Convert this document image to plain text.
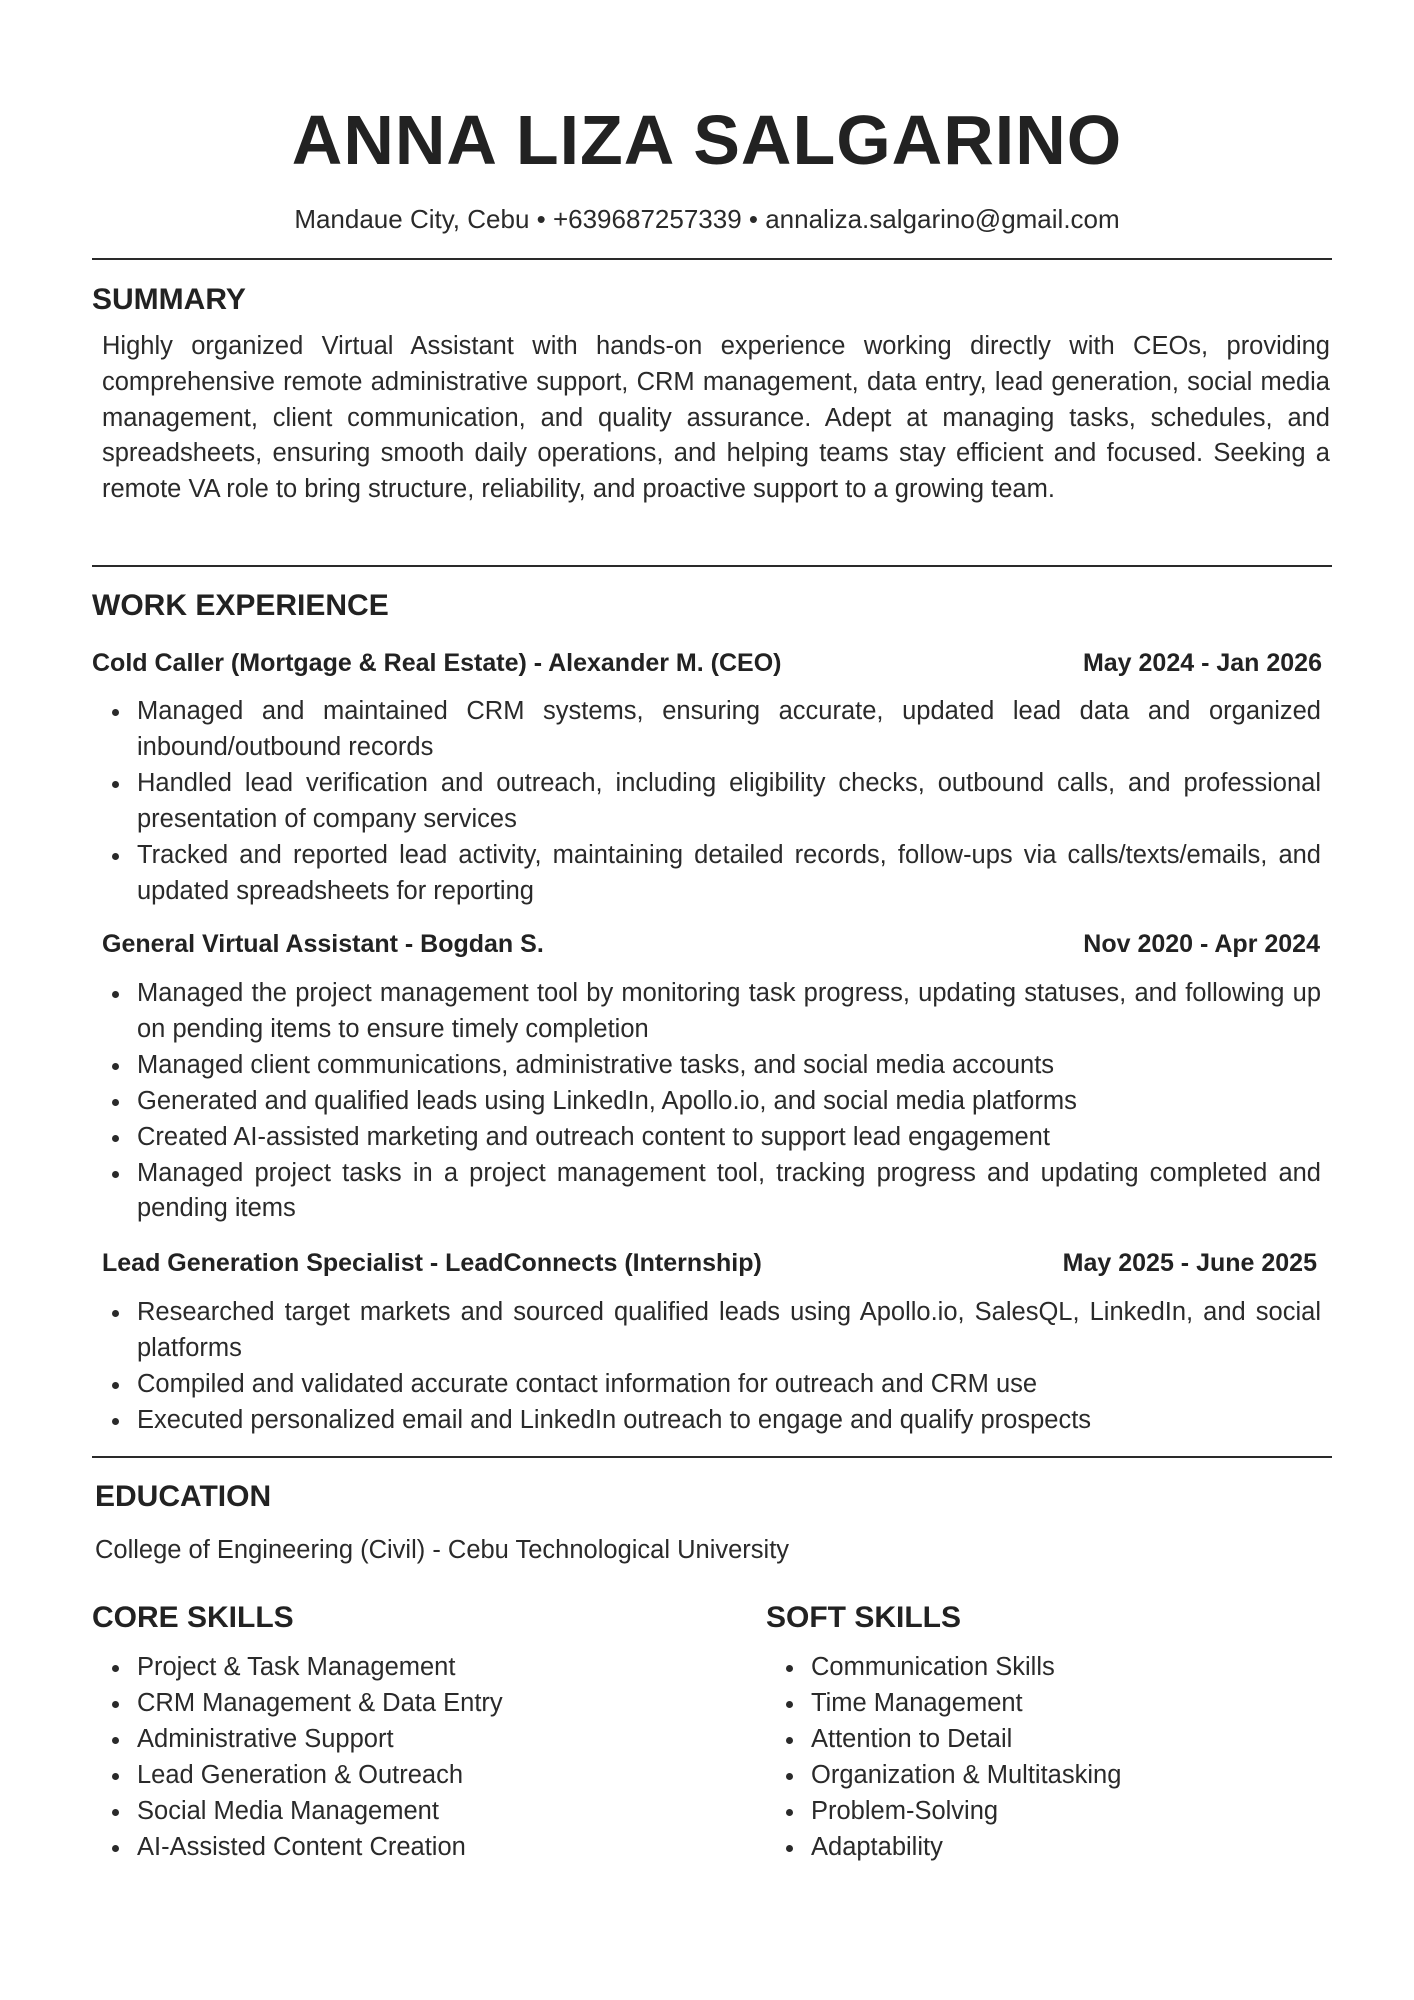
ANNA LIZA SALGARINO
Mandaue City, Cebu • +639687257339 • annaliza.salgarino@gmail.com
SUMMARY
Highly organized Virtual Assistant with hands-on experience working directly with CEOs, providing comprehensive remote administrative support, CRM management, data entry, lead generation, social media management, client communication, and quality assurance. Adept at managing tasks, schedules, and spreadsheets, ensuring smooth daily operations, and helping teams stay efficient and focused. Seeking a remote VA role to bring structure, reliability, and proactive support to a growing team.
WORK EXPERIENCE
Cold Caller (Mortgage & Real Estate) - Alexander M. (CEO)	May 2024 - Jan 2026
Managed and maintained CRM systems, ensuring accurate, updated lead data and organized inbound/outbound records
Handled lead verification and outreach, including eligibility checks, outbound calls, and professional presentation of company services
Tracked and reported lead activity, maintaining detailed records, follow-ups via calls/texts/emails, and updated spreadsheets for reporting
General Virtual Assistant - Bogdan S.	Nov 2020 - Apr 2024
Managed the project management tool by monitoring task progress, updating statuses, and following up on pending items to ensure timely completion
Managed client communications, administrative tasks, and social media accounts
Generated and qualified leads using LinkedIn, Apollo.io, and social media platforms
Created AI-assisted marketing and outreach content to support lead engagement
Managed project tasks in a project management tool, tracking progress and updating completed and pending items
Lead Generation Specialist - LeadConnects (Internship)	May 2025 - June 2025
Researched target markets and sourced qualified leads using Apollo.io, SalesQL, LinkedIn, and social platforms
Compiled and validated accurate contact information for outreach and CRM use
Executed personalized email and LinkedIn outreach to engage and qualify prospects
EDUCATION
College of Engineering (Civil) - Cebu Technological University
CORE SKILLS
Project & Task Management
CRM Management & Data Entry
Administrative Support
Lead Generation & Outreach
Social Media Management
AI-Assisted Content Creation
SOFT SKILLS
Communication Skills
Time Management
Attention to Detail
Organization & Multitasking
Problem-Solving
Adaptability
